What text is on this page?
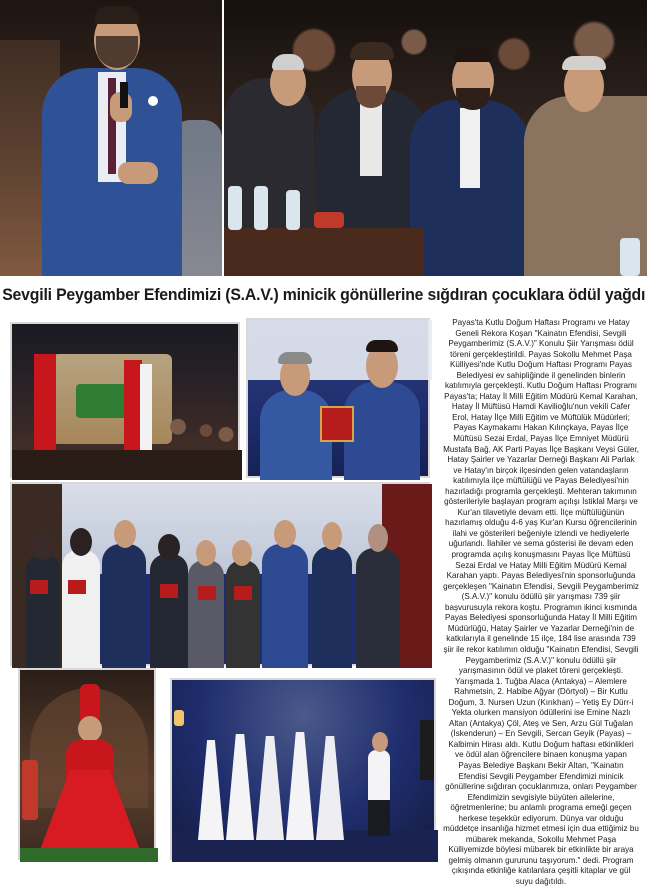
Sevgili Peygamber Efendimizi (S.A.V.) minicik gönüllerine sığdıran çocuklara ödül yağdı
Payas'ta Kutlu Doğum Haftası Programı ve Hatay Geneli Rekora Koşan "Kainatın Efendisi, Sevgili Peygamberimiz (S.A.V.)" Konulu Şiir Yarışması ödül töreni gerçekleştirildi. Payas Sokollu Mehmet Paşa Külliyesi'nde Kutlu Doğum Haftası Programı Payas Belediyesi ev sahipliğinde il genelinden binlerin katılımıyla gerçekleşti. Kutlu Doğum Haftası Programı Payas'ta; Hatay İl Milli Eğitim Müdürü Kemal Karahan, Hatay İl Müftüsü Hamdi Kavilioğlu'nun vekili Cafer Erol, Hatay İlçe Milli Eğitim ve Müftülük Müdürleri; Payas Kaymakamı Hakan Kılınçkaya, Payas İlçe Müftüsü Sezai Erdal, Payas İlçe Emniyet Müdürü Mustafa Bağ, AK Parti Payas İlçe Başkanı Veysi Güler, Hatay Şairler ve Yazarlar Derneği Başkanı Ali Parlak ve Hatay'ın birçok ilçesinden gelen vatandaşların katılımıyla ilçe müftülüğü ve Payas Belediyesi'nin hazırladığı programla gerçekleşti. Mehteran takımının gösterileriyle başlayan program açılışı İstiklal Marşı ve Kur'an tilavetiyle devam etti. İlçe müftülüğünün hazırlamış olduğu 4-6 yaş Kur'an Kursu öğrencilerinin ilahi ve gösterileri beğeniyle izlendi ve hediyelerle uğurlandı. İlahiler ve sema gösterisi ile devam eden programda açılış konuşmasını Payas İlçe Müftüsü Sezai Erdal ve Hatay Milli Eğitim Müdürü Kemal Karahan yaptı. Payas Belediyesi'nin sponsorluğunda gerçekleşen "Kainatın Efendisi, Sevgili Peygamberimiz (S.A.V.)" konulu ödüllü şiir yarışması 739 şiir başvurusuyla rekora koştu. Programın ikinci kısmında Payas Belediyesi sponsorluğunda Hatay İl Milli Eğitim Müdürlüğü, Hatay Şairler ve Yazarlar Derneği'nin de katkılarıyla il genelinde 15 ilçe, 184 lise arasında 739 şiir ile rekor katılımın olduğu "Kainatın Efendisi, Sevgili Peygamberimiz (S.A.V.)" konulu ödüllü şiir yarışmasının ödül ve plaket töreni gerçekleşti. Yarışmada 1. Tuğba Alaca (Antakya) – Alemlere Rahmetsin, 2. Habibe Ağyar (Dörtyol) – Bir Kutlu Doğum, 3. Nursen Uzun (Kırıkhan) – Yetiş Ey Dürr-i Yekta olurken mansiyon ödüllerini ise Emine Nazlı Altan (Antakya) Çöl, Ateş ve Sen, Arzu Gül Tuğalan (İskenderun) – En Sevgili, Sercan Geyik (Payas) – Kalbimin Hirası aldı. Kutlu Doğum haftası etkinlikleri ve ödül alan öğrencilere binaen konuşma yapan Payas Belediye Başkanı Bekir Altan, "Kainatın Efendisi Sevgili Peygamber Efendimizi minicik gönüllerine sığdıran çocuklarımıza, onları Peygamber Efendimizin sevgisiyle büyüten ailelerine, öğretmenlerine; bu anlamlı programa emeği geçen herkese teşekkür ediyorum. Dünya var olduğu müddetçe insanlığa hizmet etmesi için dua ettiğimiz bu mübarek mekanda, Sokollu Mehmet Paşa Külliyemizde böylesi mübarek bir etkinlikte bir araya gelmiş olmanın gururunu taşıyorum." dedi. Program çıkışında etkinliğe katılanlara çeşitli kitaplar ve gül suyu dağıtıldı.
